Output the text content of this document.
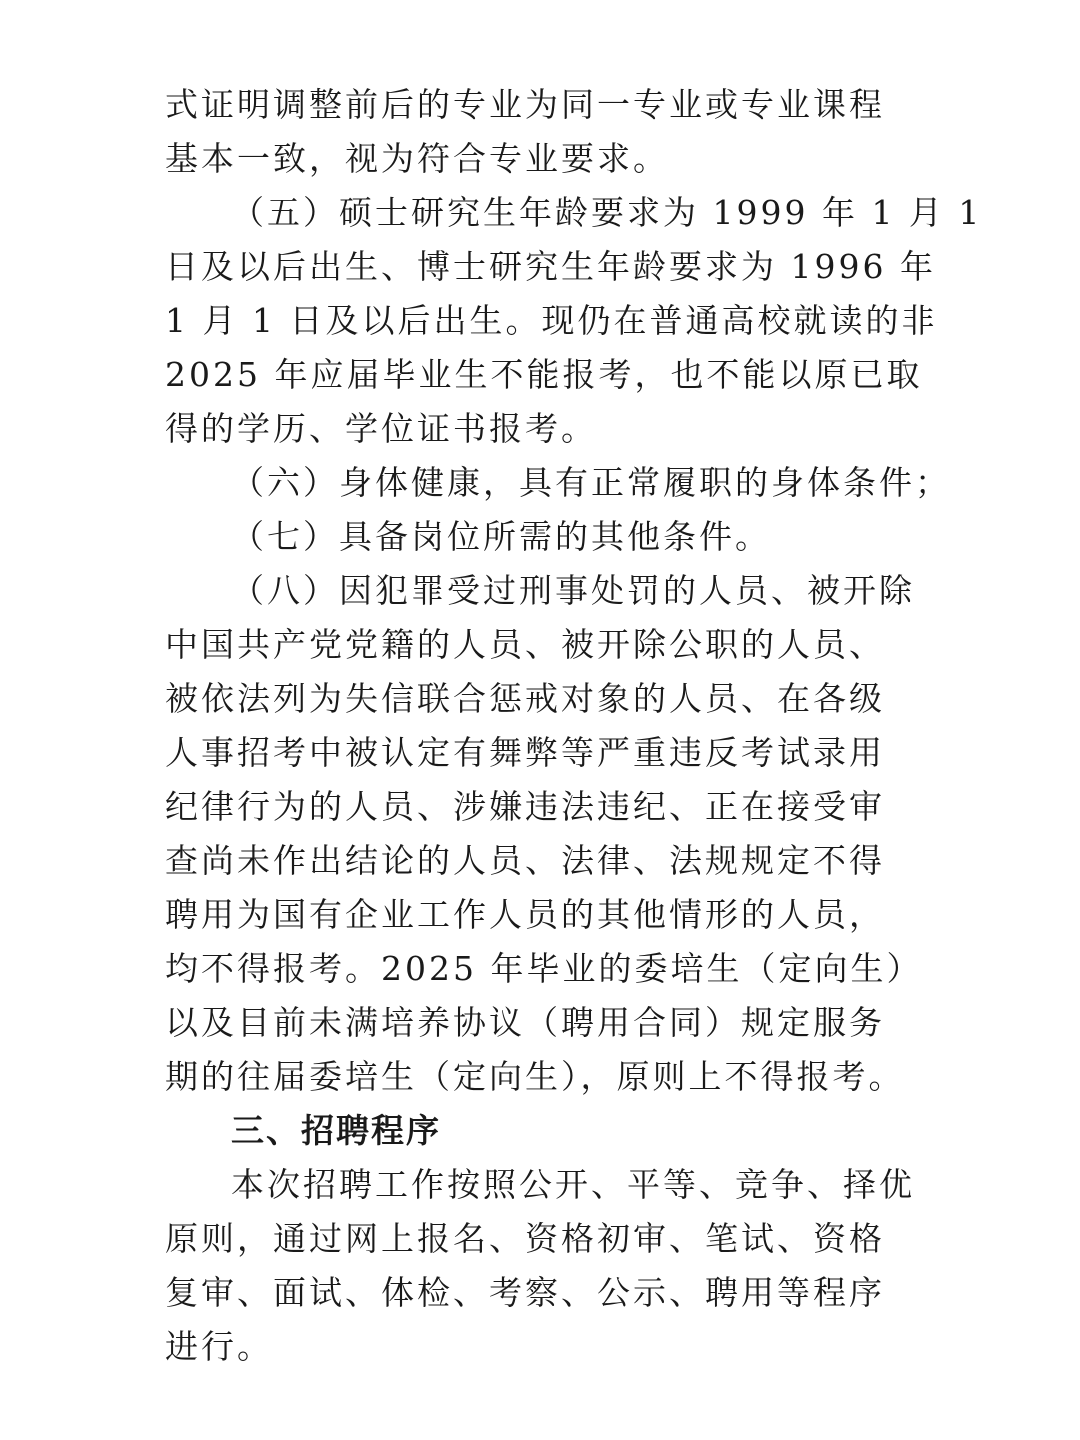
式证明调整前后的专业为同一专业或专业课程
基本一致，视为符合专业要求。
（五）硕士研究生年龄要求为 1999 年 1 月 1
日及以后出生、博士研究生年龄要求为 1996 年
1 月 1 日及以后出生。现仍在普通高校就读的非
2025 年应届毕业生不能报考，也不能以原已取
得的学历、学位证书报考。
（六）身体健康，具有正常履职的身体条件；
（七）具备岗位所需的其他条件。
（八）因犯罪受过刑事处罚的人员、被开除
中国共产党党籍的人员、被开除公职的人员、
被依法列为失信联合惩戒对象的人员、在各级
人事招考中被认定有舞弊等严重违反考试录用
纪律行为的人员、涉嫌违法违纪、正在接受审
查尚未作出结论的人员、法律、法规规定不得
聘用为国有企业工作人员的其他情形的人员，
均不得报考。2025 年毕业的委培生（定向生）
以及目前未满培养协议（聘用合同）规定服务
期的往届委培生（定向生），原则上不得报考。
三、招聘程序
本次招聘工作按照公开、平等、竞争、择优
原则，通过网上报名、资格初审、笔试、资格
复审、面试、体检、考察、公示、聘用等程序
进行。
